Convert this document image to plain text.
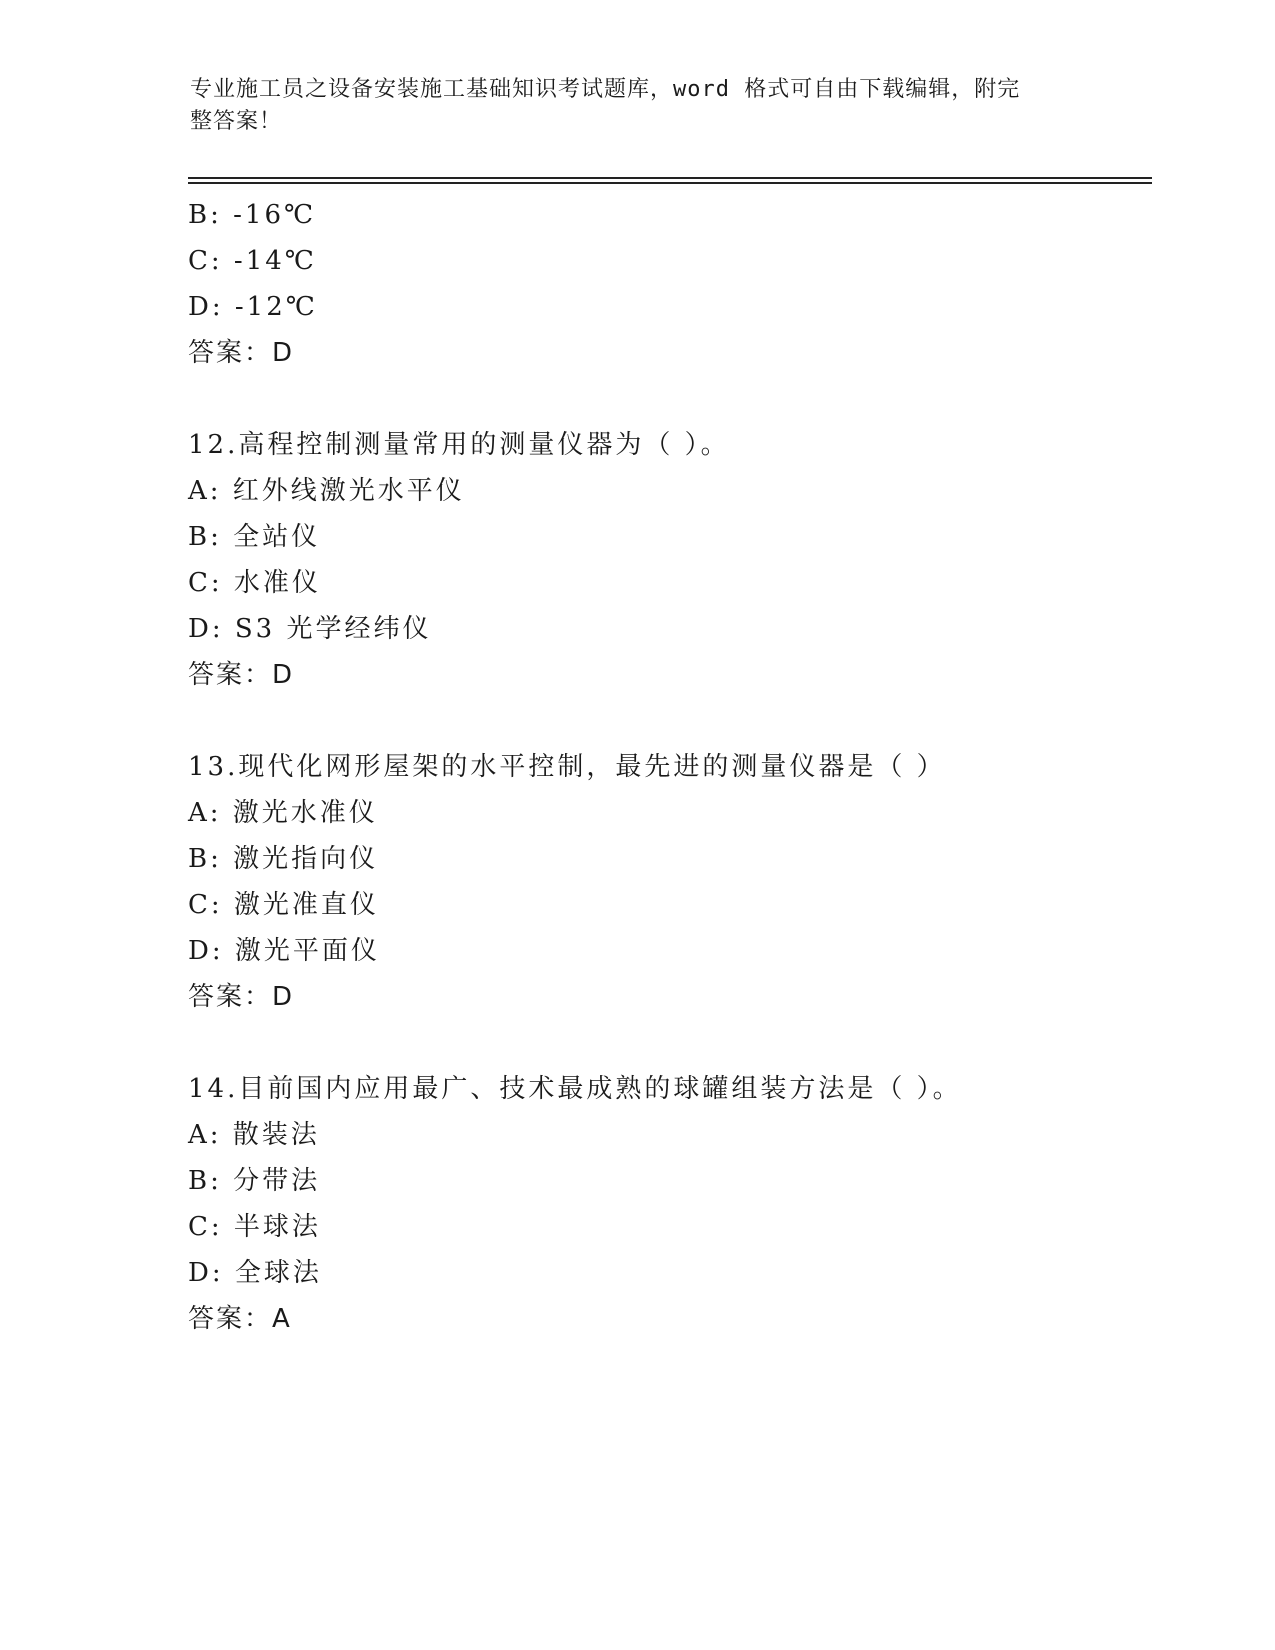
专业施工员之设备安装施工基础知识考试题库，word 格式可自由下载编辑，附完
整答案！
B: -16℃
C: -14℃
D: -12℃
答案：D
12.高程控制测量常用的测量仪器为（ ）。
A: 红外线激光水平仪
B: 全站仪
C: 水准仪
D: S3 光学经纬仪
答案：D
13.现代化网形屋架的水平控制，最先进的测量仪器是（ ）
A: 激光水准仪
B: 激光指向仪
C: 激光准直仪
D: 激光平面仪
答案：D
14.目前国内应用最广、技术最成熟的球罐组装方法是（ ）。
A: 散装法
B: 分带法
C: 半球法
D: 全球法
答案：A
